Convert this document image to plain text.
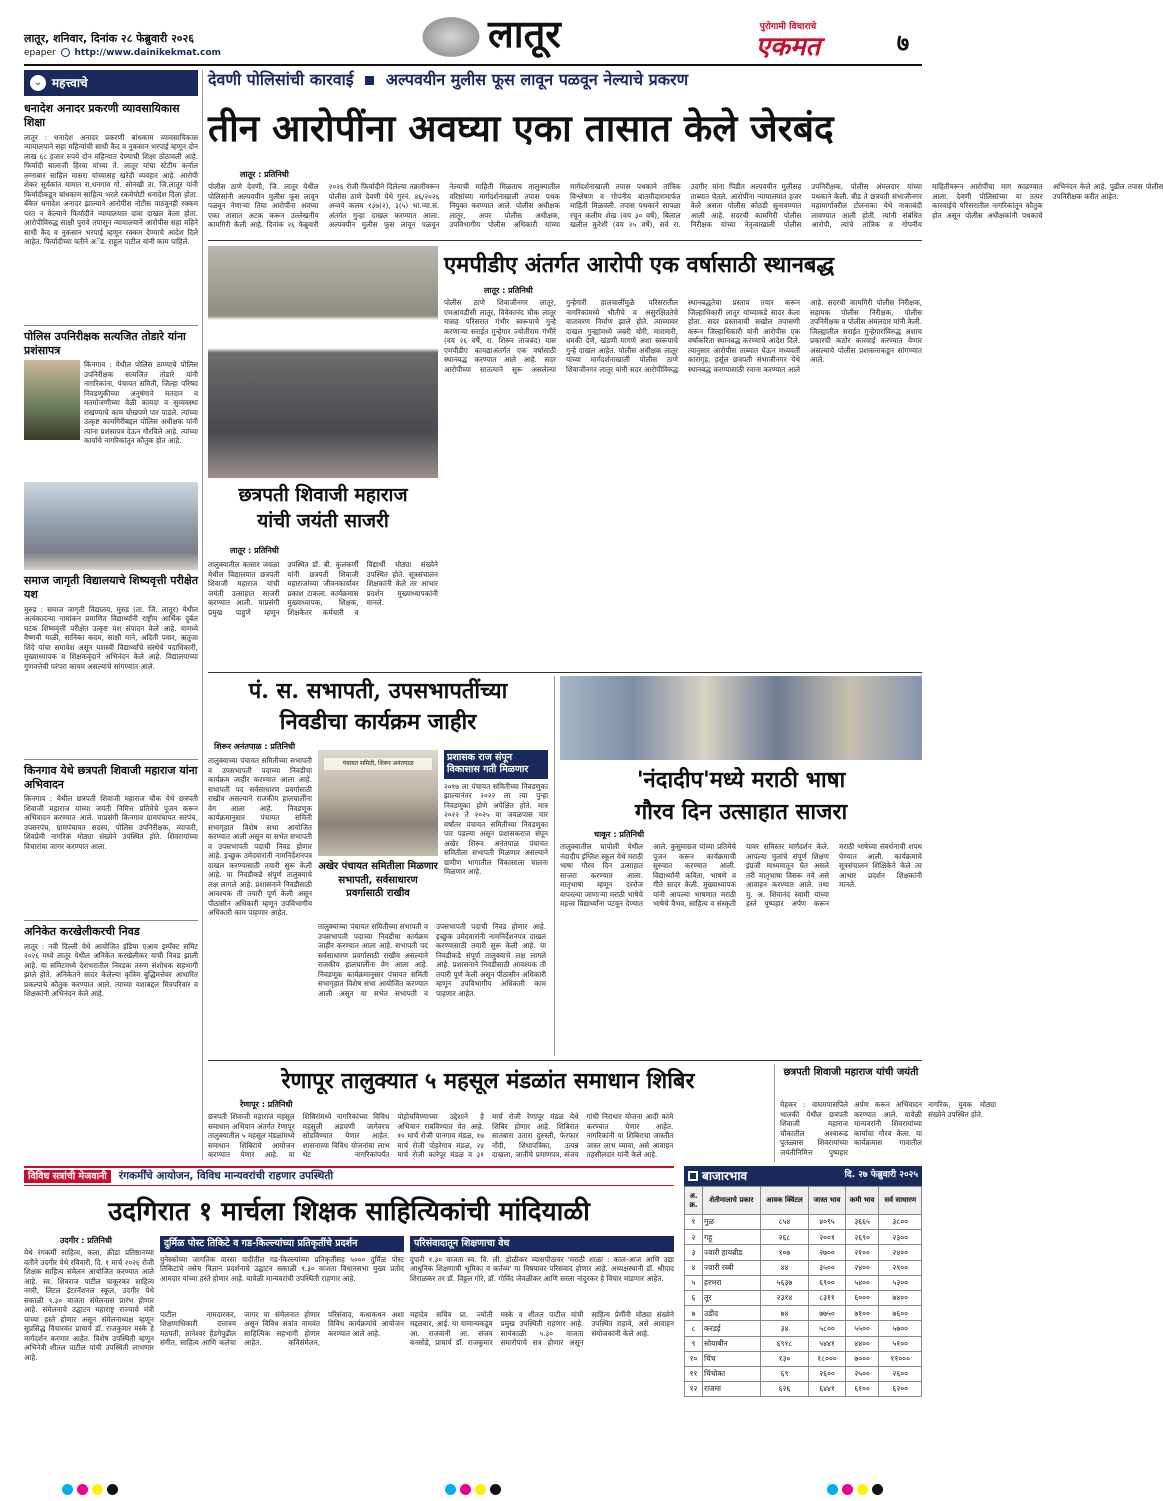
लातूर, शनिवार, दिनांक २८ फेब्रुवारी २०२६
epaper http://www.dainikekmat.com	लातूर	पुरोगामी विचाराचे
एकमत	७
⌄ महत्त्वाचे
धनादेश अनादर प्रकरणी व्यावसायिकास शिक्षा
लातूर : धनादेश अनादर प्रकरणी बांधकाम व्यावसायिकास न्यायालयाने सहा महिन्यांची साधी कैद व नुकसान भरपाई म्हणून दोन लाख ६८ हजार रुपये दोन महिन्यात देण्याची शिक्षा ठोठावली आहे. फिर्यादी बालाजी हिरवा यांच्या ते. लातूर यांचा स्टेटीम कर्नाल लग्नाबार साहिल मासरा यांच्यासह खरेदी व्यवहार आहे. आरोपी शेकर सूर्यकांत यामात रा.धनगाव गो. सोनखी ता. जि.लातूर यांनी फिर्यादीकडून बांधकाम साहित्य भरले रकमेपोटी धनादेश दिला होता. बँकेत धनादेश अनादर झाल्याने आरोपीस नोटीस पाठवूनही रक्कम परत न केल्याने फिर्यादीने न्यायालयात दावा दाखल केला होता. आरोपीविरुद्ध साक्षी पुरावे तपासून न्यायालयाने आरोपीस सहा महिने साधी कैद व नुकसान भरपाई म्हणून रक्कम देण्याचे आदेश दिले आहेत. फिर्यादीच्या वतीने अॅड. राहुल पाटील यांनी काम पाहिले.
पोलिस उपनिरीक्षक सत्यजित तोडारे यांना प्रशंसापत्र
किनगाव : येथील पोलिस ठाण्याचे पोलिस उपनिरीक्षक सत्यजित तोडारे यांनी नागरिकांना, पंचायत समिती, जिल्हा परिषद निवडणुकीच्या अनुषंगाने मतदान व मतमोजणीच्या वेळी कायदा व सुव्यवस्था राखण्याचे काम चोखपणे पार पाडले. त्यांच्या उत्कृष्ट कामगिरीबद्दल पोलिस अधीक्षक यांनी त्यांना प्रशंसापत्र देऊन गौरविले आहे. त्यांच्या कार्याचे नागरिकांतून कौतुक होत आहे.
समाज जागृती विद्यालयाचे शिष्यवृत्ती परीक्षेत यश
मुरुड : समाज जागृती विद्यालय, मुरुड (ता. जि. लातूर) येथील अत्यंकादन्या नामांकन प्रमाणित विद्यार्थ्यांनी राष्ट्रीय आर्थिक दुर्बल घटक शिष्यवृत्ती परीक्षेत उत्कृष्ट यश संपादन केले आहे. यामध्ये वैष्णवी माळी, सानिका कदम, साक्षी माने, अदिती पवार, ऋतुजा शिंदे यांचा समावेश असून यशस्वी विद्यार्थ्यांचे संस्थेचे पदाधिकारी, मुख्याध्यापक व शिक्षकवृंदाने अभिनंदन केले आहे. विद्यालयाच्या गुणवत्तेची परंपरा कायम असल्याचे सांगण्यात आले.
किनगाव येथे छत्रपती शिवाजी महाराज यांना अभिवादन
किनगाव : येथील छत्रपती शिवाजी महाराज चौक येथे छत्रपती शिवाजी महाराज यांच्या जयंती निमित्त प्रतिमेचे पूजन करून अभिवादन करण्यात आले. याप्रसंगी किनगाव ग्रामपंचायत सरपंच, उपसरपंच, ग्रामपंचायत सदस्य, पोलिस उपनिरीक्षक, व्यापारी, शिवप्रेमी नागरिक मोठ्या संख्येने उपस्थित होते. शिवरायांच्या विचारांचा जागर करण्यात आला.
अनिकेत करखेलीकरची निवड
लातूर : नवी दिल्ली येथे आयोजित इंडिया एआय इम्पॅक्ट समिट २०२६ मध्ये लातूर येथील अनिकेत करखेलीकर याची निवड झाली आहे. या समिटमध्ये देशभरातील निवडक तरुण संशोधक सहभागी झाले होते. अनिकेतने सादर केलेल्या कृत्रिम बुद्धिमत्तेवर आधारित प्रकल्पाचे कौतुक करण्यात आले. त्याच्या यशाबद्दल मित्रपरिवार व शिक्षकांनी अभिनंदन केले आहे.
देवणी पोलिसांची कारवाई अल्पवयीन मुलीस फूस लावून पळवून नेल्याचे प्रकरण
तीन आरोपींना अवघ्या एका तासात केले जेरबंद
लातूर : प्रतिनिधी
पोलीस ठाणे देवणी, जि. लातूर येथील पोलिसांनी अल्पवयीन मुलीस फूस लावून पळवून नेणाऱ्या तिघा आरोपींना अवघ्या एका तासात अटक करून उल्लेखनीय कामगिरी केली आहे. दिनांक २६ फेब्रुवारी २०२६ रोजी फिर्यादीने दिलेल्या तक्रारीवरून पोलीस ठाणे देवणी येथे गुरनं. ४६/२०२६ अन्वये कलम १३७(२), ३(५) भा.न्या.सं. अंतर्गत गुन्हा दाखल करण्यात आला. अल्पवयीन मुलीस फूस लावून पळवून नेल्याची माहिती मिळताच तालुक्यातील वरिष्ठांच्या मार्गदर्शनाखाली तपास पथक नियुक्त करण्यात आले. पोलीस अधीक्षक लातूर, अपर पोलीस अधीक्षक, उपविभागीय पोलीस अधिकारी यांच्या मार्गदर्शनाखाली तपास पथकाने तांत्रिक विश्लेषण व गोपनीय बातमीदारामार्फत माहिती मिळवली. तपास पथकाने सापळा रचून कलीम शेख (वय ३० वर्षे), बिलाल खलील कुरेशी (वय २५ वर्षे), सर्व रा. उदगीर यांना पिडीत अल्पवयीन मुलीसह ताब्यात घेतले. आरोपींना न्यायालयात हजर केले असता पोलीस कोठडी सुनावण्यात आली आहे. सदरची कामगिरी पोलीस निरीक्षक यांच्या नेतृत्वाखाली पोलीस उपनिरीक्षक, पोलीस अंमलदार यांच्या पथकाने केली. बीड ते छत्रपती संभाजीनगर महामार्गावरील टोलनाका येथे नाकाबंदी लावण्यात आली होती. त्यांनी संबंधित आरोपी, त्यांचे तांत्रिक व गोपनीय माहितीवरून आरोपींचा माग काढण्यात आला. देवणी पोलिसांच्या या तत्पर कारवाईचे परिसरातील नागरिकांतून कौतुक होत असून पोलीस अधीक्षकांनी पथकाचे अभिनंदन केले आहे. पुढील तपास पोलीस उपनिरीक्षक करीत आहेत.
एमपीडीए अंतर्गत आरोपी एक वर्षासाठी स्थानबद्ध
लातूर : प्रतिनिधी
पोलीस ठाणे शिवाजीनगर लातूर, एमआयडीसी लातूर, विवेकानंद चौक लातूर यासह परिसरात गंभीर स्वरूपाचे गुन्हे करणाऱ्या सराईत गुन्हेगार ज्योतीराम गंभीरे (वय २६ वर्षे, रा. शिरूर ताजबंद) यास एमपीडीए कायद्याअंतर्गत एक वर्षासाठी स्थानबद्ध करण्यात आले आहे. सदर आरोपीच्या सातत्याने सुरू असलेल्या गुन्हेगारी हालचालींमुळे परिसरातील नागरिकांमध्ये भीतीचे व असुरक्षिततेचे वातावरण निर्माण झाले होते. त्याच्यावर दाखल गुन्ह्यांमध्ये जबरी चोरी, मारामारी, धमकी देणे, खंडणी मागणे अशा स्वरूपाचे गुन्हे दाखल आहेत. पोलीस अधीक्षक लातूर यांच्या मार्गदर्शनाखाली पोलीस ठाणे शिवाजीनगर लातूर यांनी सदर आरोपीविरुद्ध स्थानबद्धतेचा प्रस्ताव तयार करून जिल्हाधिकारी लातूर यांच्याकडे सादर केला होता. सदर प्रस्तावाची सखोल तपासणी करून जिल्हाधिकारी यांनी आरोपीस एक वर्षाकरिता स्थानबद्ध करण्याचे आदेश दिले. त्यानुसार आरोपीस ताब्यात घेऊन मध्यवर्ती कारागृह, हर्सूल छत्रपती संभाजीनगर येथे स्थानबद्ध करण्यासाठी रवाना करण्यात आले आहे. सदरची कामगिरी पोलीस निरीक्षक, सहायक पोलीस निरीक्षक, पोलीस उपनिरीक्षक व पोलीस अंमलदार यांनी केली. जिल्ह्यातील सराईत गुन्हेगारांविरुद्ध अशाच प्रकारची कठोर कारवाई करण्यात येणार असल्याचे पोलीस प्रशासनाकडून सांगण्यात आले.
छत्रपती शिवाजी महाराज
यांची जयंती साजरी
लातूर : प्रतिनिधी
तालुक्यातील कासार जवळा येथील विद्यालयात छत्रपती शिवाजी महाराज यांची जयंती उत्साहात साजरी करण्यात आली. याप्रसंगी प्रमुख पाहुणे म्हणून उपस्थित डॉ. बी. कुलकर्णी यांनी छत्रपती शिवाजी महाराजांच्या जीवनकार्यावर प्रकाश टाकला. कार्यक्रमास मुख्याध्यापक, शिक्षक, शिक्षकेतर कर्मचारी व विद्यार्थी मोठ्या संख्येने उपस्थित होते. सूत्रसंचालन शिक्षकांनी केले तर आभार प्रदर्शन मुख्याध्यापकांनी मानले.
पं. स. सभापती, उपसभापतींच्या
निवडीचा कार्यक्रम जाहीर
शिरूर अनंतपाळ : प्रतिनिधी
पंचायत समिती, शिरूर अनंतपाळ
अखेर पंचायत समितीला मिळणार सभापती, सर्वसाधारण प्रवर्गासाठी राखीव
तालुक्याच्या पंचायत समितीच्या सभापती व उपसभापती पदाच्या निवडीचा कार्यक्रम जाहीर करण्यात आला आहे. सभापती पद सर्वसाधारण प्रवर्गासाठी राखीव असल्याने राजकीय हालचालींना वेग आला आहे. निवडणूक कार्यक्रमानुसार पंचायत समिती सभागृहात विशेष सभा आयोजित करण्यात आली असून या सभेत सभापती व उपसभापती पदाची निवड होणार आहे. इच्छुक उमेदवारांनी नामनिर्देशनपत्र दाखल करण्यासाठी तयारी सुरू केली आहे. या निवडीकडे संपूर्ण तालुक्याचे लक्ष लागले आहे. प्रशासनाने निवडीसाठी आवश्यक ती तयारी पूर्ण केली असून पीठासीन अधिकारी म्हणून उपविभागीय अधिकारी काम पाहणार आहेत.
तालुक्याच्या पंचायत समितीच्या सभापती व उपसभापती पदाच्या निवडीचा कार्यक्रम जाहीर करण्यात आला आहे. सभापती पद सर्वसाधारण प्रवर्गासाठी राखीव असल्याने राजकीय हालचालींना वेग आला आहे. निवडणूक कार्यक्रमानुसार पंचायत समिती सभागृहात विशेष सभा आयोजित करण्यात आली असून या सभेत सभापती व उपसभापती पदाची निवड होणार आहे. इच्छुक उमेदवारांनी नामनिर्देशनपत्र दाखल करण्यासाठी तयारी सुरू केली आहे. या निवडीकडे संपूर्ण तालुक्याचे लक्ष लागले आहे. प्रशासनाने निवडीसाठी आवश्यक ती तयारी पूर्ण केली असून पीठासीन अधिकारी म्हणून उपविभागीय अधिकारी काम पाहणार आहेत.
प्रशासक राज संपून विकासास गती मिळणार
२०१७ ला पंचायत समितीच्या निवडणुका झाल्यानंतर २०२२ ला त्या पुन्हा निवडणुका होणे अपेक्षित होते. मात्र २०२२ ते २०२५ या जवळपास चार वर्षांतर पंचायत समितीच्या निवडणुका पार पडल्या असून प्रशासकराज संपून अखेर शिरूर अनंतपाळ पंचायत समितीला सभापती मिळणार असल्याने ग्रामीण भागातील विकासाला चालना मिळणार आहे.
'नंदादीप'मध्ये मराठी भाषा
गौरव दिन उत्साहात साजरा
चाकूर : प्रतिनिधी
तालुक्यातील चापोली येथील नंदादीप इंग्लिश स्कूल येथे मराठी भाषा गौरव दिन उत्साहात साजरा करण्यात आला. मातृभाषा म्हणून दररोज वापरल्या जाणाऱ्या मराठी भाषेचे महत्त्व विद्यार्थ्यांना पटवून देण्यात आले. कुसुमाग्रज यांच्या प्रतिमेचे पूजन करून कार्यक्रमाची सुरुवात करण्यात आली. विद्यार्थ्यांनी कविता, भाषणे व गीते सादर केली. मुख्याध्यापक यांनी आपल्या भाषणात मराठी भाषेचे वैभव, साहित्य व संस्कृती यावर सविस्तर मार्गदर्शन केले. आपल्या मुलांचे संपूर्ण शिक्षण इंग्रजी माध्यमातून घेत असले तरी मातृभाषा विसरू नये असे आवाहन करण्यात आले. तथा मु. अ. शिवानंद स्वामी यांच्या हस्ते पुष्पहार अर्पण करून मराठी भाषेच्या संवर्धनाची शपथ घेण्यात आली. कार्यक्रमाचे सूत्रसंचालन शिक्षिकेने केले तर आभार प्रदर्शन शिक्षकांनी मानले.
रेणापूर तालुक्यात ५ महसूल मंडळांत समाधान शिबिर
रेणापूर : प्रतिनिधी
छत्रपती शिवाजी महाराज महसूल समाधान अभियान अंतर्गत रेणापूर तालुक्यातील ५ महसूल मंडळांमध्ये समाधान शिबिराचे आयोजन करण्यात येणार आहे. या शिबिरांमध्ये नागरिकांच्या विविध महसुली अडचणी जागेवरच सोडविण्यात येणार आहेत. शासनाच्या विविध योजनांचा लाभ थेट नागरिकांपर्यंत पोहोचविण्याच्या उद्देशाने हे अभियान राबविण्यात येत आहे. १० मार्च रोजी पानगाव मंडळ, १७ मार्च रोजी पोहरेगाव मंडळ, २४ मार्च रोजी कारेपूर मंडळ व ३१ मार्च रोजी रेणापूर मंडळ येथे शिबिर होणार आहे. शिबिरात सातबारा उतारा दुरुस्ती, फेरफार नोंदी, शिधापत्रिका, उत्पन्न दाखला, जातीचे प्रमाणपत्र, संजय गांधी निराधार योजना आदी कामे करण्यात येणार आहेत. नागरिकांनी या शिबिराचा जास्तीत जास्त लाभ घ्यावा, असे आवाहन तहसीलदार यांनी केले आहे.
छत्रपती शिवाजी महाराज यांची जयंती
मेहकर : वाघमपासपिले भालकी येथील छत्रपती शिवाजी महाराज चौकातील अश्वारूढ पुतळ्यास शिवरायांच्या जयंतीनिमित्त पुष्पहार अर्पण करून अभिवादन करण्यात आले. यावेळी मान्यवरांनी शिवरायांच्या कार्याचा गौरव केला. या कार्यक्रमास गावातील नागरिक, युवक मोठ्या संख्येने उपस्थित होते.
विविध सत्रांची मेजवानी	रंगकर्मींचे आयोजन, विविध मान्यवरांची राहणार उपस्थिती
उदगिरात १ मार्चला शिक्षक साहित्यिकांची मांदियाळी
उदगीर : प्रतिनिधी
येथे रंगकर्मी साहित्य, कला, क्रीडा प्रतिष्ठानच्या वतीने उदगीर येथे रविवारी, दि. १ मार्च २०२६ रोजी शिक्षक साहित्य संमेलन आयोजित करण्यात आले आहे. स्व. शिवराज पाटील चाकूरकर साहित्य नगरी, लिटल इंटरनॅशनल स्कूल, उदगीर येथे सकाळी ९.३० वाजता संमेलनास प्रारंभ होणार आहे. संमेलनाचे उद्घाटन महाराष्ट्र राज्याचे मंत्री यांच्या हस्ते होणार असून संमेलनाध्यक्ष म्हणून सुप्रसिद्ध विचारवंत प्राचार्य डॉ. राजकुमार मस्के हे मार्गदर्शन करणार आहेत. विशेष उपस्थिती म्हणून अभिनेत्री शीतल पाटील यांची उपस्थिती लाभणार आहे.
दुर्मिळ पोस्ट तिकिटे व गड-किल्ल्यांच्या प्रतिकृतींचे प्रदर्शन
युनेस्कोच्या जागतिक वारसा यादीतील गड-किल्ल्यांच्या प्रतिकृतींसह ५००० दुर्मिळ पोस्ट तिकिटांचे तसेच विज्ञान प्रदर्शनाचे उद्घाटन सकाळी ९.३० वाजता विधानसभा मुख्य प्रतोद आमदार यांच्या हस्ते होणार आहे. यावेळी मान्यवरांची उपस्थिती राहणार आहे.
पाटील नामदारकर, शिक्षणाधिकारी दत्तात्रय मठपती, ज्ञानेश्वर हेंडगेपुढील संगीत, साहित्य आणि कलेचा जागर या संमेलनात होणार असून विविध सत्रांत नामवंत साहित्यिक सहभागी होणार आहेत. कविसंमेलन, परिसंवाद, कथाकथन अशा विविध कार्यक्रमांचे आयोजन करण्यात आले आहे.
परिसंवादातून शिक्षणाचा वेध
दुपारी १.३० वाजता स्व. वि. ली. होळीकर व्यासपीठावर 'मराठी शाळा : काल-आज आणि उद्या आधुनिक शिक्षणाची भूमिका व कर्तव्य' या विषयावर परिसंवाद होणार आहे. अध्यक्षस्थानी डॉ. श्रीपाद शिराळकर तर डॉ. विठ्ठल गोरे, डॉ. गोविंद जेवळीकर आणि सरला नांदुरकर हे विचार मांडणार आहेत.
महादेव सचिव प्रा. ज्योती मद्दलवार, आई. या यामान्यकडूव आ. राजवानी आ. संजय बनसोडे, प्राचार्य डॉ. राजकुमार मस्के व शीतल पाटील यांची प्रमुख उपस्थिती राहणार आहे. सायंकाळी ५.३० वाजता समारोपाचे सत्र होणार असून साहित्य प्रेमींनी मोठ्या संख्येने उपस्थित राहावे, असे आवाहन संयोजकांनी केले आहे.
बाजारभाव	दि. २७ फेब्रुवारी २०२५
अ. क्र.	शेतीमालाचे प्रकार	आवक क्विंटल	जास्त भाव	कमी भाव	सर्व साधारण
१	गुळ	८५४	४०९५	३६६५	३८००
२	गहू	२६८	२००१	२६९०	२३००
३	ज्वारी हायब्रीड	१०७	२७००	२१००	२४००
४	ज्वारी रब्बी	४४	३५००	२४००	२९००
५	हरभरा	५६३७	६९००	५४००	५३००
६	तूर	२३१४	८३११	६०००	७४००
७	उडीद	७४	७७५०	७१००	७६००
८	करडई	३४	५८००	५५००	५७००
९	सोयाबीन	६९१८	५४४१	४४००	५१००
१०	चिंच	१३०	१८०००	७०००	११०००
११	चिंचोका	६९	२६००	२५००	२६००
१२	राजमा	६२६	६४४१	६१००	६२००
